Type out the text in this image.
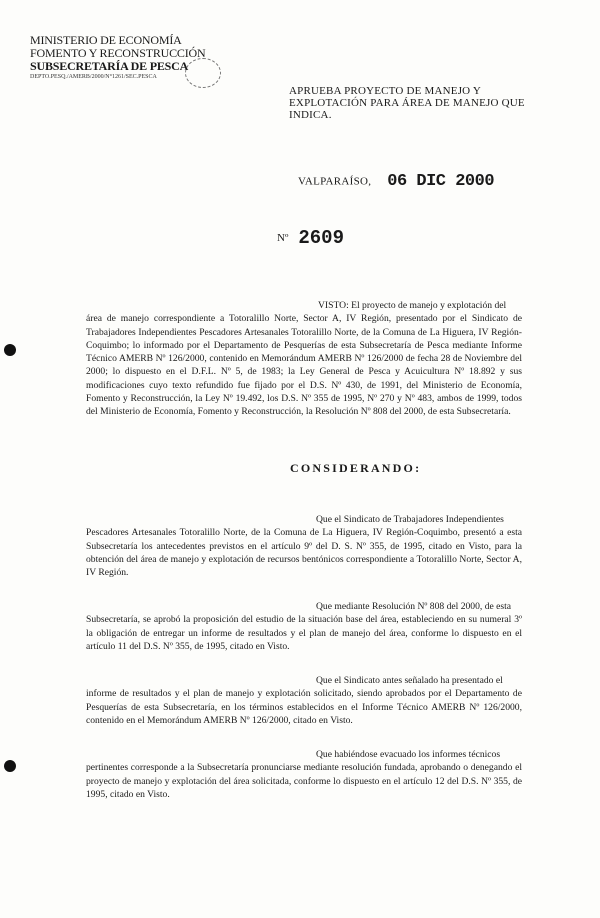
MINISTERIO DE ECONOMÍA
FOMENTO Y RECONSTRUCCIÓN
SUBSECRETARÍA DE PESCA
DEPTO.PESQ./AMERB/2000/N°1261/SEC.PESCA
APRUEBA PROYECTO DE MANEJO Y
EXPLOTACIÓN PARA ÁREA DE MANEJO QUE
INDICA.
VALPARAÍSO, 06 DIC 2000
Nº 2609
VISTO: El proyecto de manejo y explotación del
área de manejo correspondiente a Totoralillo Norte, Sector A, IV Región, presentado por el Sindicato de Trabajadores Independientes Pescadores Artesanales Totoralillo Norte, de la Comuna de La Higuera, IV Región-Coquimbo; lo informado por el Departamento de Pesquerías de esta Subsecretaría de Pesca mediante Informe Técnico AMERB Nº 126/2000, contenido en Memorándum AMERB Nº 126/2000 de fecha 28 de Noviembre del 2000; lo dispuesto en el D.F.L. Nº 5, de 1983; la Ley General de Pesca y Acuicultura Nº 18.892 y sus modificaciones cuyo texto refundido fue fijado por el D.S. Nº 430, de 1991, del Ministerio de Economía, Fomento y Reconstrucción, la Ley Nº 19.492, los D.S. Nº 355 de 1995, Nº 270 y Nº 483, ambos de 1999, todos del Ministerio de Economía, Fomento y Reconstrucción, la Resolución Nº 808 del 2000, de esta Subsecretaría.
CONSIDERANDO:
Que el Sindicato de Trabajadores Independientes
Pescadores Artesanales Totoralillo Norte, de la Comuna de La Higuera, IV Región-Coquimbo, presentó a esta Subsecretaría los antecedentes previstos en el artículo 9º del D. S. Nº 355, de 1995, citado en Visto, para la obtención del área de manejo y explotación de recursos bentónicos correspondiente a Totoralillo Norte, Sector A, IV Región.
Que mediante Resolución Nº 808 del 2000, de esta
Subsecretaría, se aprobó la proposición del estudio de la situación base del área, estableciendo en su numeral 3º la obligación de entregar un informe de resultados y el plan de manejo del área, conforme lo dispuesto en el artículo 11 del D.S. Nº 355, de 1995, citado en Visto.
Que el Sindicato antes señalado ha presentado el
informe de resultados y el plan de manejo y explotación solicitado, siendo aprobados por el Departamento de Pesquerías de esta Subsecretaría, en los términos establecidos en el Informe Técnico AMERB Nº 126/2000, contenido en el Memorándum AMERB Nº 126/2000, citado en Visto.
Que habiéndose evacuado los informes técnicos
pertinentes corresponde a la Subsecretaría pronunciarse mediante resolución fundada, aprobando o denegando el proyecto de manejo y explotación del área solicitada, conforme lo dispuesto en el artículo 12 del D.S. Nº 355, de 1995, citado en Visto.
